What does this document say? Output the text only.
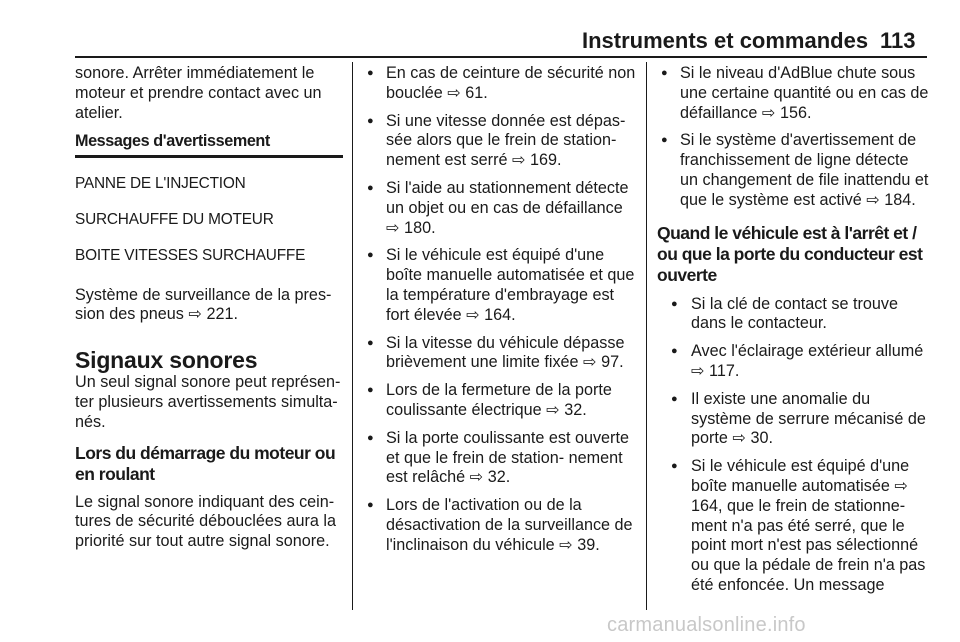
Instruments et commandes 113

sonore. Arrêter immédiatement le moteur et prendre contact avec un atelier.

Messages d'avertissement

PANNE DE L'INJECTION

SURCHAUFFE DU MOTEUR

BOITE VITESSES SURCHAUFFE

Système de surveillance de la pres- sion des pneus ⇨ 221.

Signaux sonores

Un seul signal sonore peut représen- ter plusieurs avertissements simulta- nés.

Lors du démarrage du moteur ou en roulant

Le signal sonore indiquant des cein- tures de sécurité débouclées aura la priorité sur tout autre signal sonore.

● En cas de ceinture de sécurité non bouclée ⇨ 61.
● Si une vitesse donnée est dépas- sée alors que le frein de station- nement est serré ⇨ 169.
● Si l'aide au stationnement détecte un objet ou en cas de défaillance ⇨ 180.
● Si le véhicule est équipé d'une boîte manuelle automatisée et que la température d'embrayage est fort élevée ⇨ 164.
● Si la vitesse du véhicule dépasse brièvement une limite fixée ⇨ 97.
● Lors de la fermeture de la porte coulissante électrique ⇨ 32.
● Si la porte coulissante est ouverte et que le frein de station- nement est relâché ⇨ 32.
● Lors de l'activation ou de la désactivation de la surveillance de l'inclinaison du véhicule ⇨ 39.
● Si le niveau d'AdBlue chute sous une certaine quantité ou en cas de défaillance ⇨ 156.
● Si le système d'avertissement de franchissement de ligne détecte un changement de file inattendu et que le système est activé ⇨ 184.

Quand le véhicule est à l'arrêt et / ou que la porte du conducteur est ouverte

● Si la clé de contact se trouve dans le contacteur.
● Avec l'éclairage extérieur allumé ⇨ 117.
● Il existe une anomalie du système de serrure mécanisé de porte ⇨ 30.
● Si le véhicule est équipé d'une boîte manuelle automatisée ⇨ 164, que le frein de stationne- ment n'a pas été serré, que le point mort n'est pas sélectionné ou que la pédale de frein n'a pas été enfoncée. Un message
carmanualsonline.info
